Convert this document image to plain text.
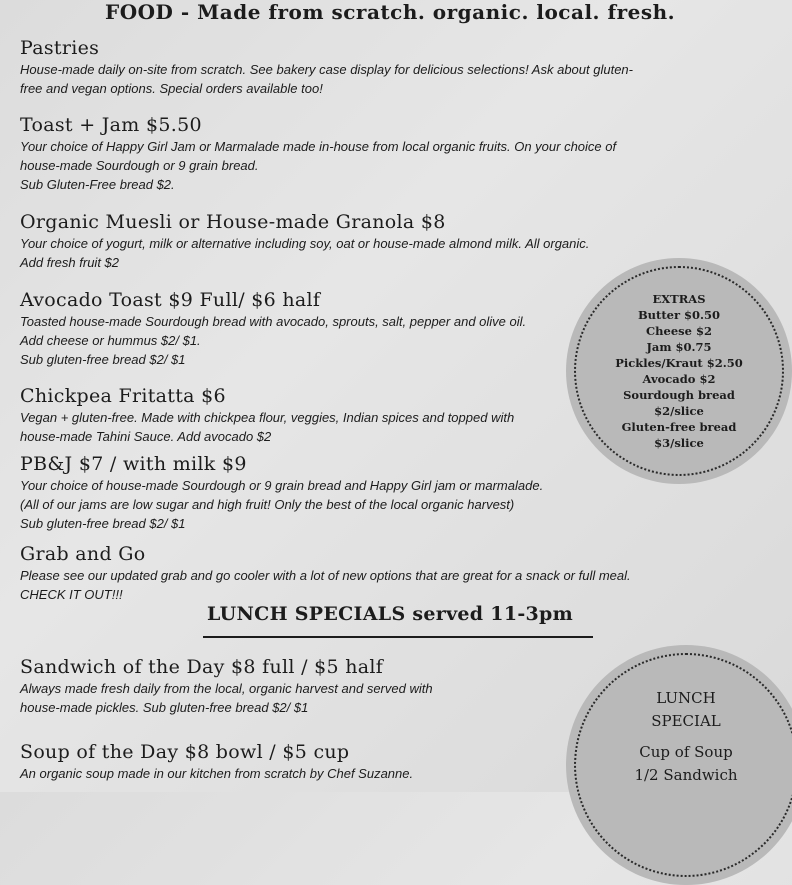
FOOD - Made from scratch. organic. local. fresh.
Pastries
House-made daily on-site from scratch. See bakery case display for delicious selections! Ask about gluten-
free and vegan options. Special orders available too!
Toast + Jam $5.50
Your choice of Happy Girl Jam or Marmalade made in-house from local organic fruits. On your choice of
house-made Sourdough or 9 grain bread.
Sub Gluten-Free bread $2.
Organic Muesli or House-made Granola $8
Your choice of yogurt, milk or alternative including soy, oat or house-made almond milk. All organic.
Add fresh fruit $2
Avocado Toast $9 Full/ $6 half
Toasted house-made Sourdough bread with avocado, sprouts, salt, pepper and olive oil.
Add cheese or hummus $2/ $1.
Sub gluten-free bread $2/ $1
Chickpea Fritatta $6
Vegan + gluten-free. Made with chickpea flour, veggies, Indian spices and topped with
house-made Tahini Sauce. Add avocado $2
PB&J $7 / with milk $9
Your choice of house-made Sourdough or 9 grain bread and Happy Girl jam or marmalade.
(All of our jams are low sugar and high fruit! Only the best of the local organic harvest)
Sub gluten-free bread $2/ $1
Grab and Go
Please see our updated grab and go cooler with a lot of new options that are great for a snack or full meal.
CHECK IT OUT!!!
LUNCH SPECIALS served 11-3pm
Sandwich of the Day $8 full / $5 half
Always made fresh daily from the local, organic harvest and served with
house-made pickles. Sub gluten-free bread $2/ $1
Soup of the Day $8 bowl / $5 cup
An organic soup made in our kitchen from scratch by Chef Suzanne.
EXTRAS
Butter $0.50
Cheese $2
Jam $0.75
Pickles/Kraut $2.50
Avocado $2
Sourdough bread
$2/slice
Gluten-free bread
$3/slice
LUNCH
SPECIAL
Cup of Soup
1/2 Sandwich
